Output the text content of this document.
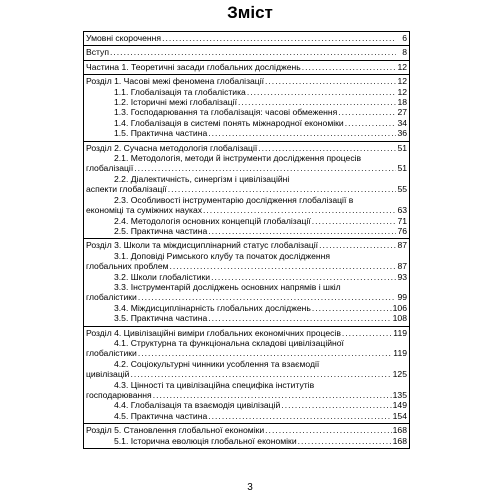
Зміст
Умовні скорочення .....	6
Вступ .....	8
Частина 1. Теоретичні засади глобальних досліджень .....	12
Розділ 1. Часові межі феномена глобалізації .....	12
1.1. Глобалізація та глобалістика .....	12
1.2. Історичні межі глобалізації .....	18
1.3. Господарювання та глобалізація: часові обмеження .....	27
1.4. Глобалізація в системі понять міжнародної економіки .....	34
1.5. Практична частина .....	36
Розділ 2. Сучасна методологія глобалізації .....	51
2.1. Методологія, методи й інструменти дослідження процесів
глобалізації .....	51
2.2. Діалектичність, синергізм і цивілізаційні
аспекти глобалізації .....	55
2.3. Особливості інструментарію дослідження глобалізації в
економіці та суміжних науках .....	63
2.4. Методологія основних концепцій глобалізації .....	71
2.5. Практична частина .....	76
Розділ 3. Школи та міждисциплінарний статус глобалізації .....	87
3.1. Доповіді Римського клубу та початок дослідження
глобальних проблем .....	87
3.2. Школи глобалістики .....	93
3.3. Інструментарій досліджень основних напрямів і шкіл
глобалістики .....	99
3.4. Міждисциплінарність глобальних досліджень .....	106
3.5. Практична частина .....	108
Розділ 4. Цивілізаційні виміри глобальних економічних процесів .....	119
4.1. Структурна та функціональна складові цивілізаційної
глобалістики .....	119
4.2. Соціокультурні чинники усоблення та взаємодії
цивілізацій .....	125
4.3. Цінності та цивілізаційна специфіка інститутів
господарювання .....	135
4.4. Глобалізація та взаємодія цивілізацій .....	149
4.5. Практична частина .....	154
Розділ 5. Становлення глобальної економіки .....	168
5.1. Історична еволюція глобальної економіки .....	168
3
